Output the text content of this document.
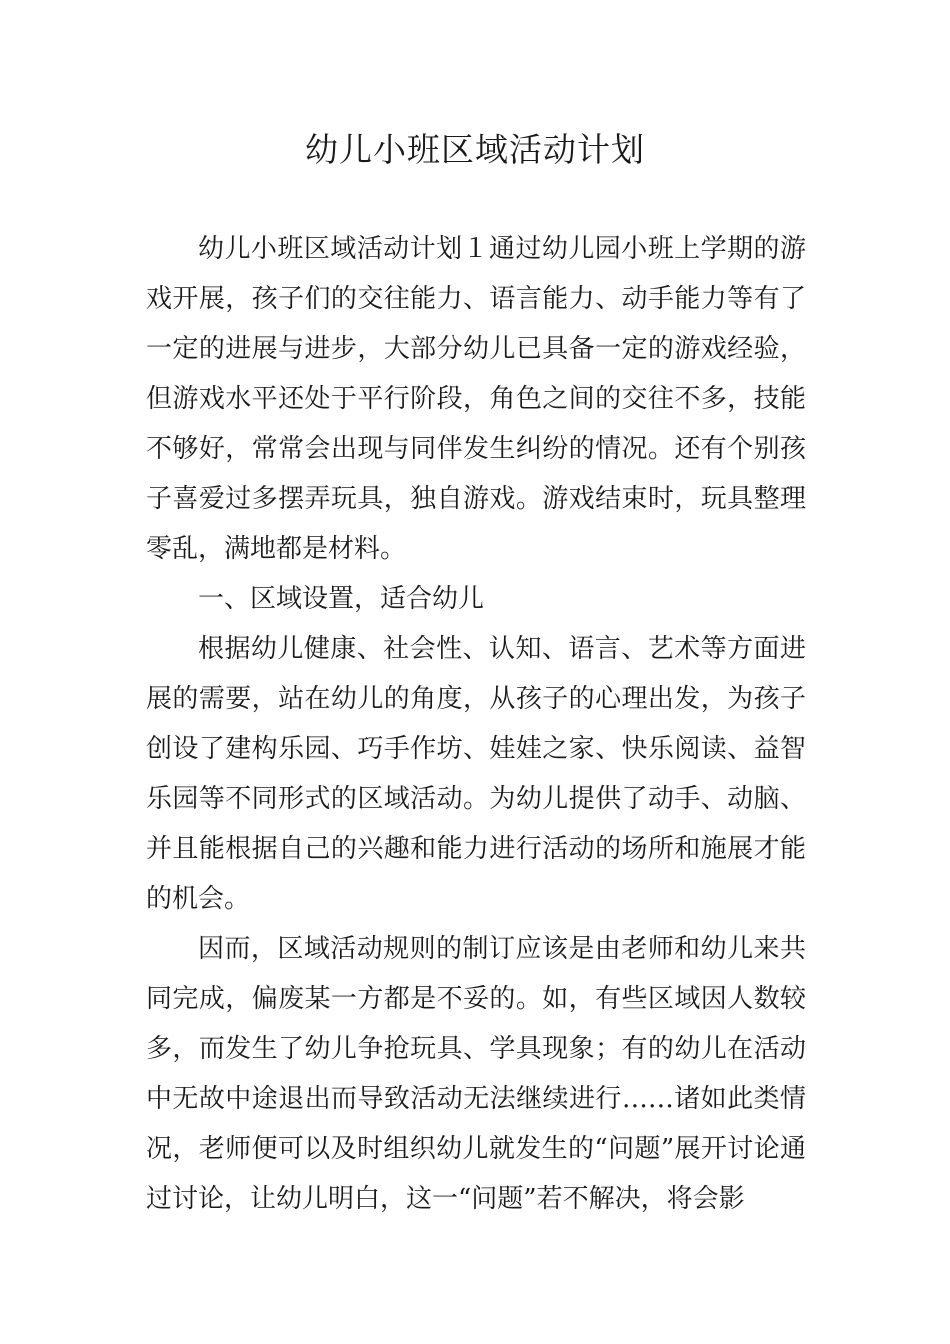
幼儿小班区域活动计划

幼儿小班区域活动计划１通过幼儿园小班上学期的游戏开展，孩子们的交往能力、语言能力、动手能力等有了一定的进展与进步，大部分幼儿已具备一定的游戏经验，但游戏水平还处于平行阶段，角色之间的交往不多，技能不够好，常常会出现与同伴发生纠纷的情况。还有个别孩子喜爱过多摆弄玩具，独自游戏。游戏结束时，玩具整理零乱，满地都是材料。

一、区域设置，适合幼儿

根据幼儿健康、社会性、认知、语言、艺术等方面进展的需要，站在幼儿的角度，从孩子的心理出发，为孩子创设了建构乐园、巧手作坊、娃娃之家、快乐阅读、益智乐园等不同形式的区域活动。为幼儿提供了动手、动脑、并且能根据自己的兴趣和能力进行活动的场所和施展才能的机会。

因而，区域活动规则的制订应该是由老师和幼儿来共同完成，偏废某一方都是不妥的。如，有些区域因人数较多，而发生了幼儿争抢玩具、学具现象；有的幼儿在活动中无故中途退出而导致活动无法继续进行……诸如此类情况，老师便可以及时组织幼儿就发生的“问题”展开讨论通过讨论，让幼儿明白，这一“问题”若不解决，将会影
